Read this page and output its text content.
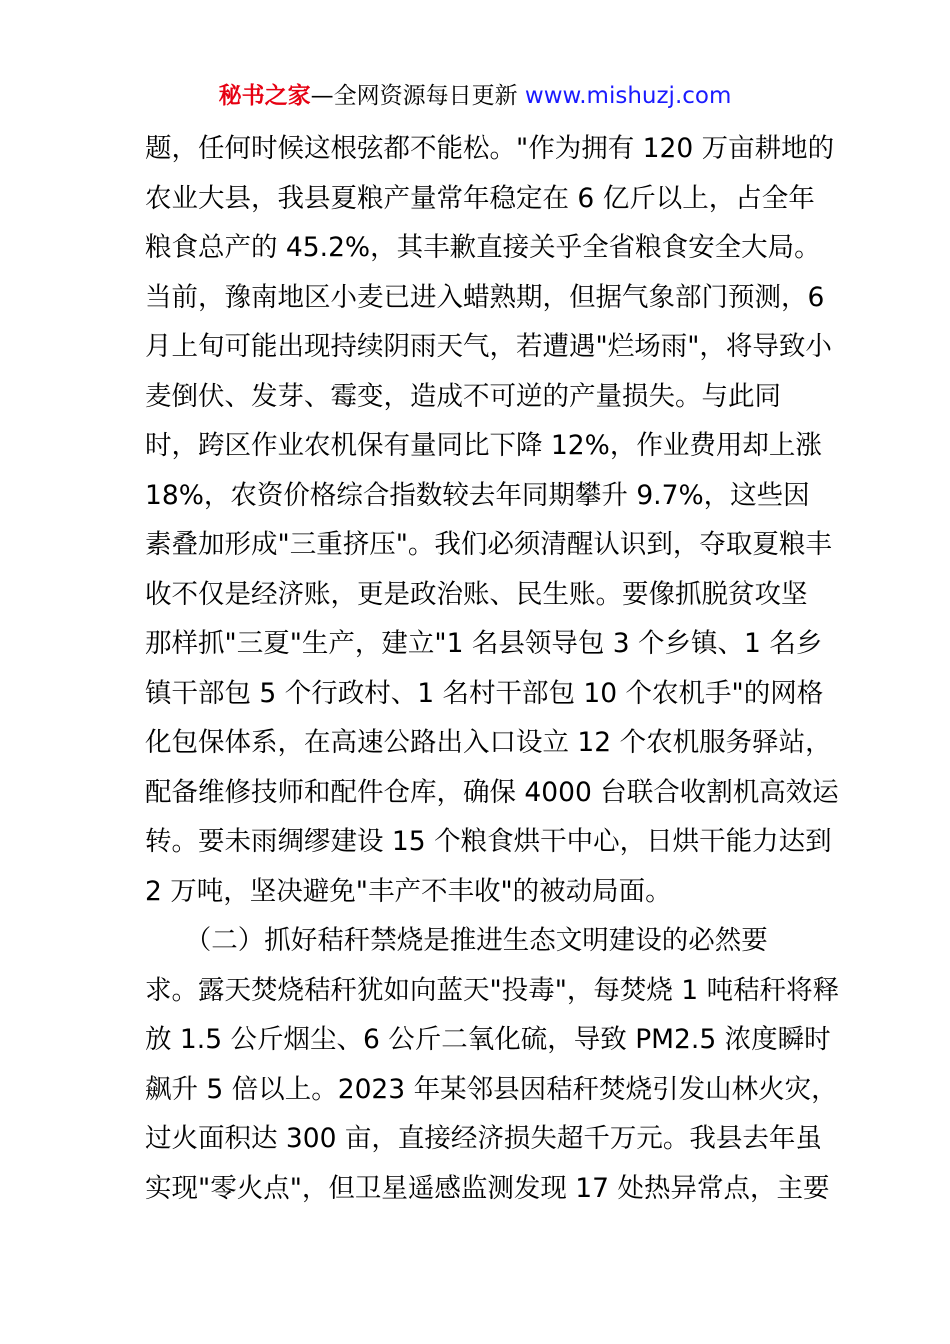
秘书之家—全网资源每日更新 www.mishuzj.com
题，任何时候这根弦都不能松。"作为拥有 120 万亩耕地的
农业大县，我县夏粮产量常年稳定在 6 亿斤以上，占全年
粮食总产的 45.2%，其丰歉直接关乎全省粮食安全大局。
当前，豫南地区小麦已进入蜡熟期，但据气象部门预测，6
月上旬可能出现持续阴雨天气，若遭遇"烂场雨"，将导致小
麦倒伏、发芽、霉变，造成不可逆的产量损失。与此同
时，跨区作业农机保有量同比下降 12%，作业费用却上涨
18%，农资价格综合指数较去年同期攀升 9.7%，这些因
素叠加形成"三重挤压"。我们必须清醒认识到，夺取夏粮丰
收不仅是经济账，更是政治账、民生账。要像抓脱贫攻坚
那样抓"三夏"生产，建立"1 名县领导包 3 个乡镇、1 名乡
镇干部包 5 个行政村、1 名村干部包 10 个农机手"的网格
化包保体系，在高速公路出入口设立 12 个农机服务驿站，
配备维修技师和配件仓库，确保 4000 台联合收割机高效运
转。要未雨绸缪建设 15 个粮食烘干中心，日烘干能力达到
2 万吨，坚决避免"丰产不丰收"的被动局面。
　　（二）抓好秸秆禁烧是推进生态文明建设的必然要
求。露天焚烧秸秆犹如向蓝天"投毒"，每焚烧 1 吨秸秆将释
放 1.5 公斤烟尘、6 公斤二氧化硫，导致 PM2.5 浓度瞬时
飙升 5 倍以上。2023 年某邻县因秸秆焚烧引发山林火灾，
过火面积达 300 亩，直接经济损失超千万元。我县去年虽
实现"零火点"，但卫星遥感监测发现 17 处热异常点，主要
